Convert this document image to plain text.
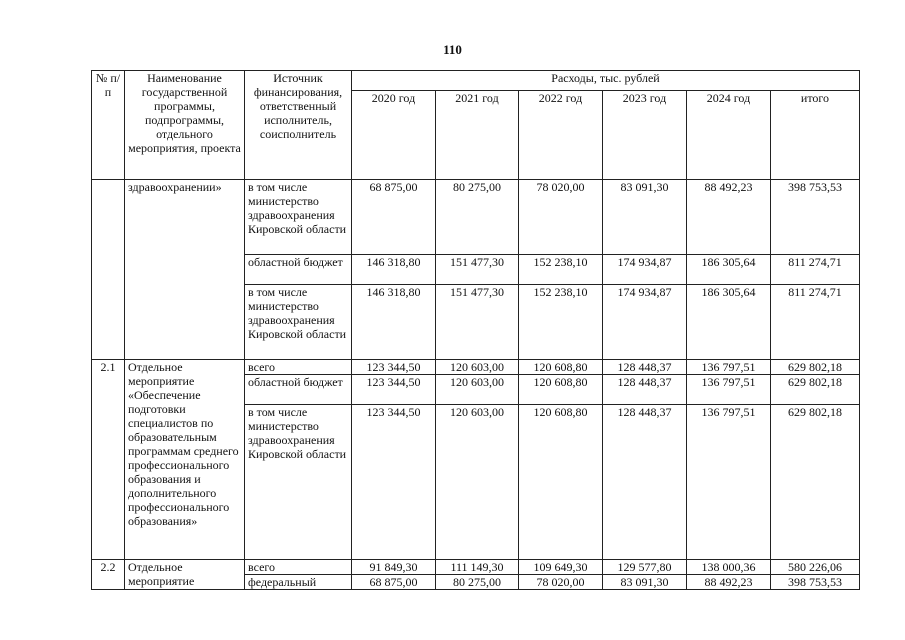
110
№ п/п	Наименование государственной программы, подпрограммы, отдельного мероприятия, проекта	Источник финансирования, ответственный исполнитель, соисполнитель	Расходы, тыс. рублей					
			2020 год	2021 год	2022 год	2023 год	2024 год	итого
	здравоохранении»	в том числе министерство здравоохранения Кировской области	68 875,00	80 275,00	78 020,00	83 091,30	88 492,23	398 753,53
		областной бюджет	146 318,80	151 477,30	152 238,10	174 934,87	186 305,64	811 274,71
		в том числе министерство здравоохранения Кировской области	146 318,80	151 477,30	152 238,10	174 934,87	186 305,64	811 274,71
2.1	Отдельное мероприятие «Обеспечение подготовки специалистов по образовательным программам среднего профессионального образования и дополнительного профессионального образования»	всего	123 344,50	120 603,00	120 608,80	128 448,37	136 797,51	629 802,18
		областной бюджет	123 344,50	120 603,00	120 608,80	128 448,37	136 797,51	629 802,18
		в том числе министерство здравоохранения Кировской области	123 344,50	120 603,00	120 608,80	128 448,37	136 797,51	629 802,18
2.2	Отдельное мероприятие	всего	91 849,30	111 149,30	109 649,30	129 577,80	138 000,36	580 226,06
		федеральный	68 875,00	80 275,00	78 020,00	83 091,30	88 492,23	398 753,53
